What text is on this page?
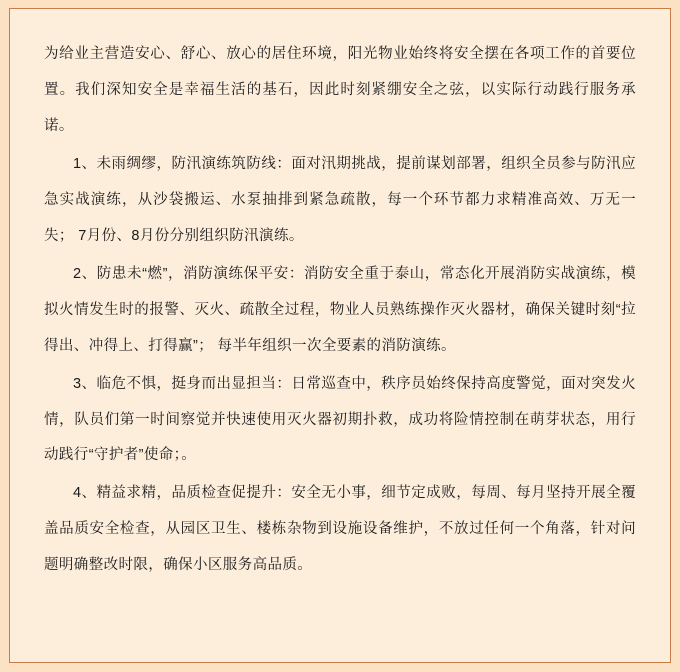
为给业主营造安心、舒心、放心的居住环境，阳光物业始终将安全摆在各项工作的首要位置。我们深知安全是幸福生活的基石，因此时刻紧绷安全之弦，以实际行动践行服务承诺。

1、未雨绸缪，防汛演练筑防线：面对汛期挑战，提前谋划部署，组织全员参与防汛应急实战演练，从沙袋搬运、水泵抽排到紧急疏散，每一个环节都力求精准高效、万无一失； 7月份、8月份分别组织防汛演练。

2、防患未“燃”，消防演练保平安：消防安全重于泰山，常态化开展消防实战演练，模拟火情发生时的报警、灭火、疏散全过程，物业人员熟练操作灭火器材，确保关键时刻“拉得出、冲得上、打得赢”； 每半年组织一次全要素的消防演练。

3、临危不惧，挺身而出显担当：日常巡查中，秩序员始终保持高度警觉，面对突发火情，队员们第一时间察觉并快速使用灭火器初期扑救，成功将险情控制在萌芽状态，用行动践行“守护者”使命；。

4、精益求精，品质检查促提升：安全无小事，细节定成败，每周、每月坚持开展全覆盖品质安全检查，从园区卫生、楼栋杂物到设施设备维护，不放过任何一个角落，针对问题明确整改时限，确保小区服务高品质。
